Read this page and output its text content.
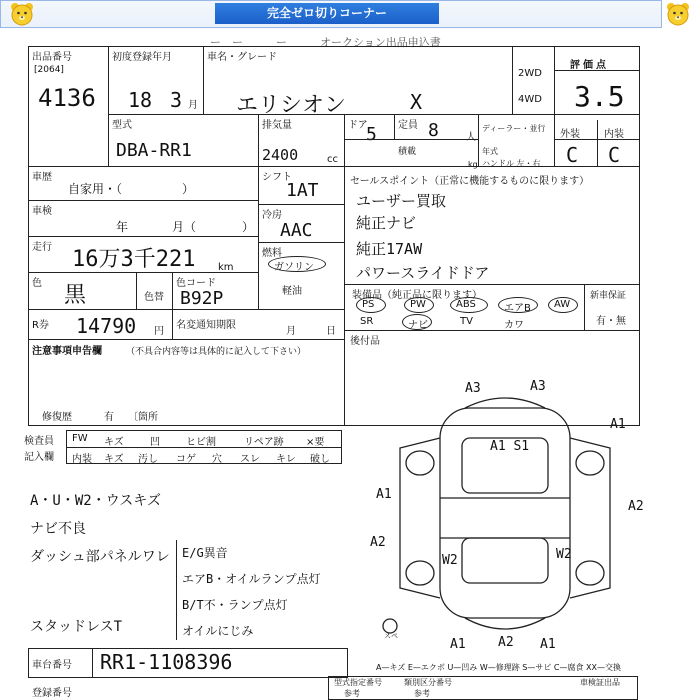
完全ゼロ切りコーナー
ー　ー　　　ー　　　オークション出品申込書
出品番号
[2064]
4136
初度登録年月
18 3 月
車名・グレード
エリシオン	X
2WD
4WD
評価点
3.5
型式
DBA-RR1
排気量
2400	cc
ドア
5 定員 8	人
積載
kg
ディーラー・並行
年式
ハンドル 左・右
外装 内装
C C
車歴
自家用・（　　　　　）
車検
年	月（	）
走行 16万3千221 km
色 黒	色替
色コード
B92P
R券 14790 円
名変通知期限
月	日
シフト
1AT
冷房
AAC
燃料
ガソリン
軽油
セールスポイント（正常に機能するものに限ります）
ユーザー買取
純正ナビ
純正17AW
パワースライドドア
装備品（純正品に限ります）	新車保証
有・無
PS	PW	ABS	エアB AW
SR	ナビ	TV	カワ
後付品
注意事項申告欄	（不具合内容等は具体的に記入して下さい）
修復歴	有 〔箇所
検査員
記入欄
FW キズ	凹	ヒビ割	リペア跡 ×要
内装 キズ 汚し コゲ 穴 スレ キレ 破し
A・U・W2・ウスキズ
ナビ不良
ダッシュ部パネルワレ
スタッドレスT
E/G異音
エアB・オイルランプ点灯
B/T不・ランプ点灯
オイルにじみ
A3	A3
A1 S1
A1
A1
A2
A2
W2	W2
A1 A2 A1
スペ
A—キズ E—エクボ U—凹み W—修理跡 S—サビ C—腐食 XX—交換
車台番号 RR1-1108396
登録番号
型式指定番号
参考
類別区分番号
参考
車検証出品
